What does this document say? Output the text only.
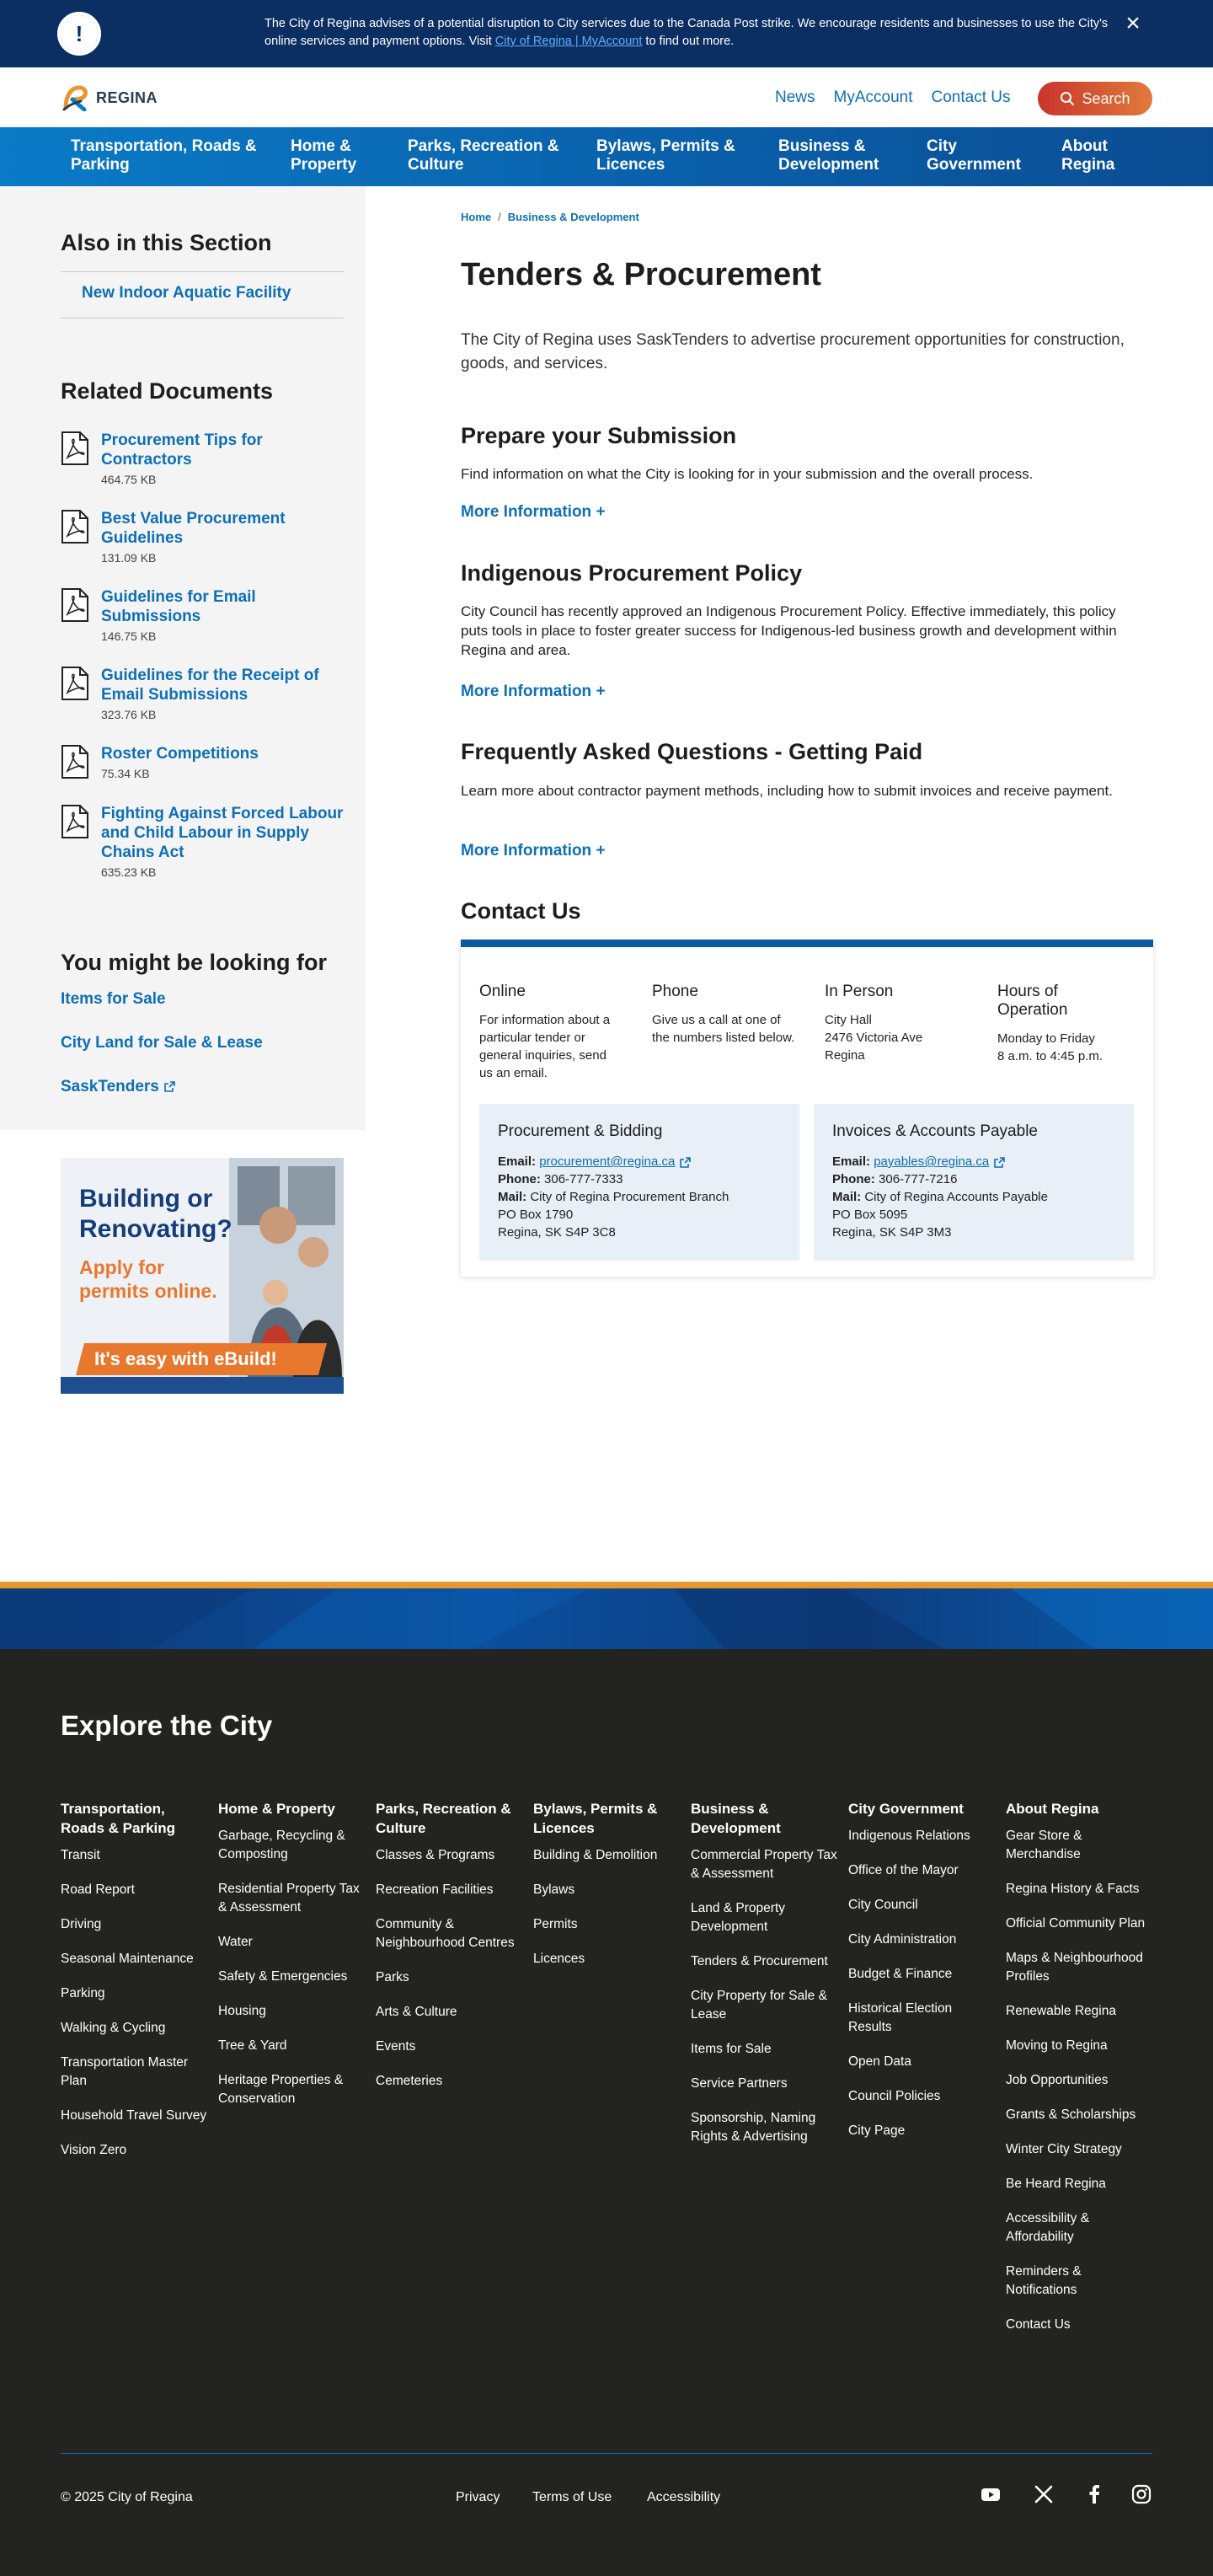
!	The City of Regina advises of a potential disruption to City services due to the Canada Post strike. We encourage residents and businesses to use the City's online services and payment options. Visit City of Regina | MyAccount to find out more.
×
REGINA	News MyAccount Contact Us	Search
Transportation, Roads &
Parking
Home &
Property
Parks, Recreation &
Culture
Bylaws, Permits &
Licences
Business &
Development
City
Government
About
Regina
Also in this Section
New Indoor Aquatic Facility
Related Documents
Procurement Tips for Contractors
464.75 KB
Best Value Procurement Guidelines
131.09 KB
Guidelines for Email Submissions
146.75 KB
Guidelines for the Receipt of Email Submissions
323.76 KB
Roster Competitions
75.34 KB
Fighting Against Forced Labour and Child Labour in Supply Chains Act
635.23 KB
You might be looking for
Items for Sale
City Land for Sale & Lease
SaskTenders
Building or
Renovating?
Apply for
permits online.
It's easy with eBuild!
Home / Business & Development
Tenders & Procurement

The City of Regina uses SaskTenders to advertise procurement opportunities for construction, goods, and services.

Prepare your Submission

Find information on what the City is looking for in your submission and the overall process.

More Information +
Indigenous Procurement Policy

City Council has recently approved an Indigenous Procurement Policy. Effective immediately, this policy puts tools in place to foster greater success for Indigenous-led business growth and development within Regina and area.

More Information +
Frequently Asked Questions - Getting Paid

Learn more about contractor payment methods, including how to submit invoices and receive payment.

More Information +
Contact Us
Online
For information about a particular tender or general inquiries, send us an email.
Phone
Give us a call at one of the numbers listed below.
In Person
City Hall
2476 Victoria Ave
Regina
Hours of Operation
Monday to Friday
8 a.m. to 4:45 p.m.
Procurement & Bidding
Email: procurement@regina.ca
Phone: 306-777-7333
Mail: City of Regina Procurement Branch
PO Box 1790
Regina, SK S4P 3C8
Invoices & Accounts Payable
Email: payables@regina.ca
Phone: 306-777-7216
Mail: City of Regina Accounts Payable
PO Box 5095
Regina, SK S4P 3M3
Explore the City
Transportation, Roads & Parking
Transit
Road Report
Driving
Seasonal Maintenance
Parking
Walking & Cycling
Transportation Master Plan
Household Travel Survey
Vision Zero
Home & Property
Garbage, Recycling & Composting
Residential Property Tax & Assessment
Water
Safety & Emergencies
Housing
Tree & Yard
Heritage Properties & Conservation
Parks, Recreation & Culture
Classes & Programs
Recreation Facilities
Community & Neighbourhood Centres
Parks
Arts & Culture
Events
Cemeteries
Bylaws, Permits & Licences
Building & Demolition
Bylaws
Permits
Licences
Business & Development
Commercial Property Tax & Assessment
Land & Property Development
Tenders & Procurement
City Property for Sale & Lease
Items for Sale
Service Partners
Sponsorship, Naming Rights & Advertising
City Government
Indigenous Relations
Office of the Mayor
City Council
City Administration
Budget & Finance
Historical Election Results
Open Data
Council Policies
City Page
About Regina
Gear Store & Merchandise
Regina History & Facts
Official Community Plan
Maps & Neighbourhood Profiles
Renewable Regina
Moving to Regina
Job Opportunities
Grants & Scholarships
Winter City Strategy
Be Heard Regina
Accessibility & Affordability
Reminders & Notifications
Contact Us
© 2025 City of Regina	Privacy Terms of Use	Accessibility
